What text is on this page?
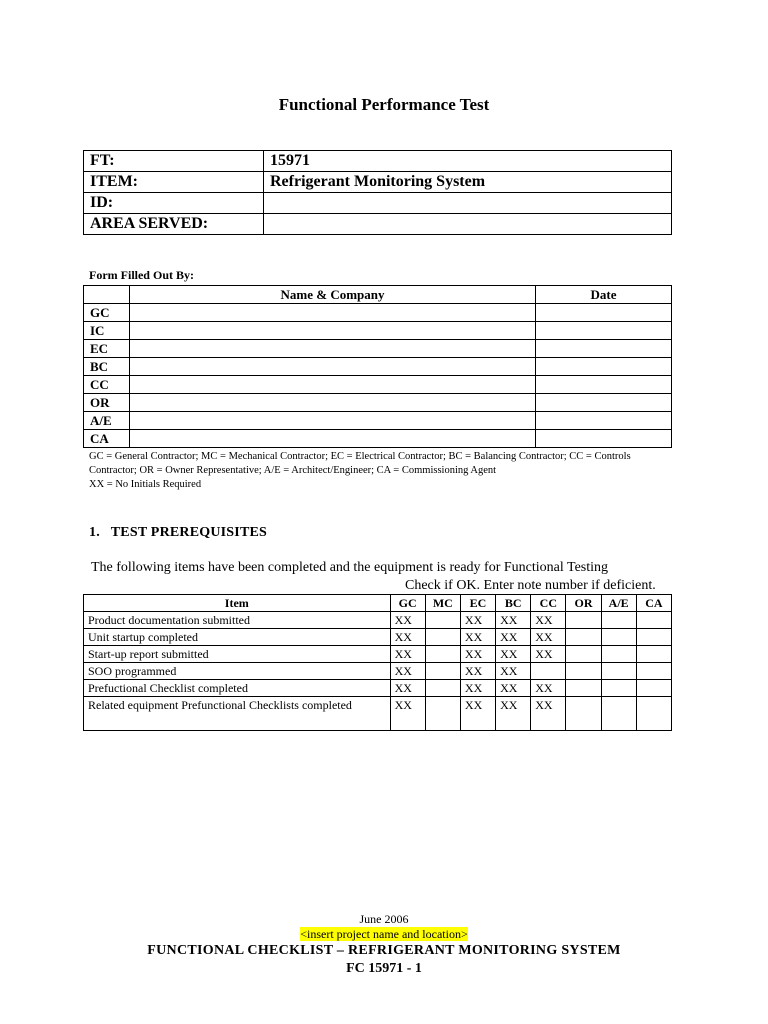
Functional Performance Test
FT:	15971
ITEM:	Refrigerant Monitoring System
ID:	
AREA SERVED:	
Form Filled Out By:
	Name & Company	Date
GC		
IC		
EC		
BC		
CC		
OR		
A/E		
CA		
GC = General Contractor; MC = Mechanical Contractor; EC = Electrical Contractor; BC = Balancing Contractor; CC = Controls Contractor; OR = Owner Representative; A/E = Architect/Engineer; CA = Commissioning Agent
XX = No Initials Required
1. TEST PREREQUISITES
The following items have been completed and the equipment is ready for Functional Testing
Check if OK. Enter note number if deficient.
Item	GC	MC	EC	BC	CC	OR	A/E	CA
Product documentation submitted	XX		XX	XX	XX			
Unit startup completed	XX		XX	XX	XX			
Start-up report submitted	XX		XX	XX	XX			
SOO programmed	XX		XX	XX				
Prefuctional Checklist completed	XX		XX	XX	XX			
Related equipment Prefunctional Checklists completed	XX		XX	XX	XX			
June 2006
<insert project name and location>
FUNCTIONAL CHECKLIST – REFRIGERANT MONITORING SYSTEM
FC 15971 - 1
